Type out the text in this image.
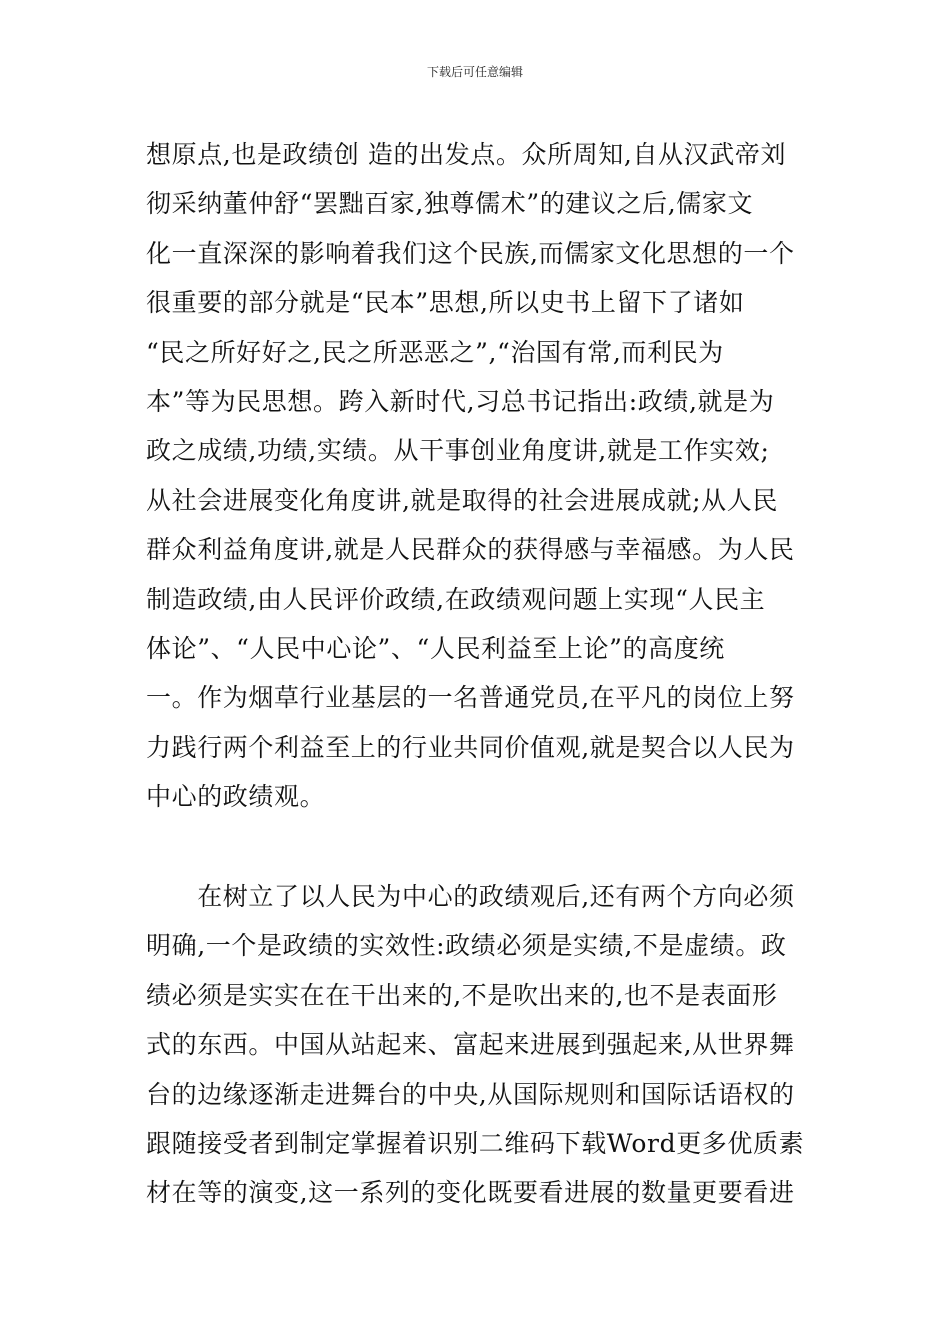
下载后可任意编辑
想原点,也是政绩创 造的出发点。众所周知,自从汉武帝刘
彻采纳董仲舒“罢黜百家,独尊儒术”的建议之后,儒家文
化一直深深的影响着我们这个民族,而儒家文化思想的一个
很重要的部分就是“民本”思想,所以史书上留下了诸如
“民之所好好之,民之所恶恶之”,“治国有常,而利民为
本”等为民思想。跨入新时代,习总书记指出:政绩,就是为
政之成绩,功绩,实绩。从干事创业角度讲,就是工作实效;
从社会进展变化角度讲,就是取得的社会进展成就;从人民
群众利益角度讲,就是人民群众的获得感与幸福感。为人民
制造政绩,由人民评价政绩,在政绩观问题上实现“人民主
体论”、“人民中心论”、“人民利益至上论”的高度统
一。作为烟草行业基层的一名普通党员,在平凡的岗位上努
力践行两个利益至上的行业共同价值观,就是契合以人民为
中心的政绩观。
　　在树立了以人民为中心的政绩观后,还有两个方向必须
明确,一个是政绩的实效性:政绩必须是实绩,不是虚绩。政
绩必须是实实在在干出来的,不是吹出来的,也不是表面形
式的东西。中国从站起来、富起来进展到强起来,从世界舞
台的边缘逐渐走进舞台的中央,从国际规则和国际话语权的
跟随接受者到制定掌握着识别二维码下载Word更多优质素
材在等的演变,这一系列的变化既要看进展的数量更要看进
